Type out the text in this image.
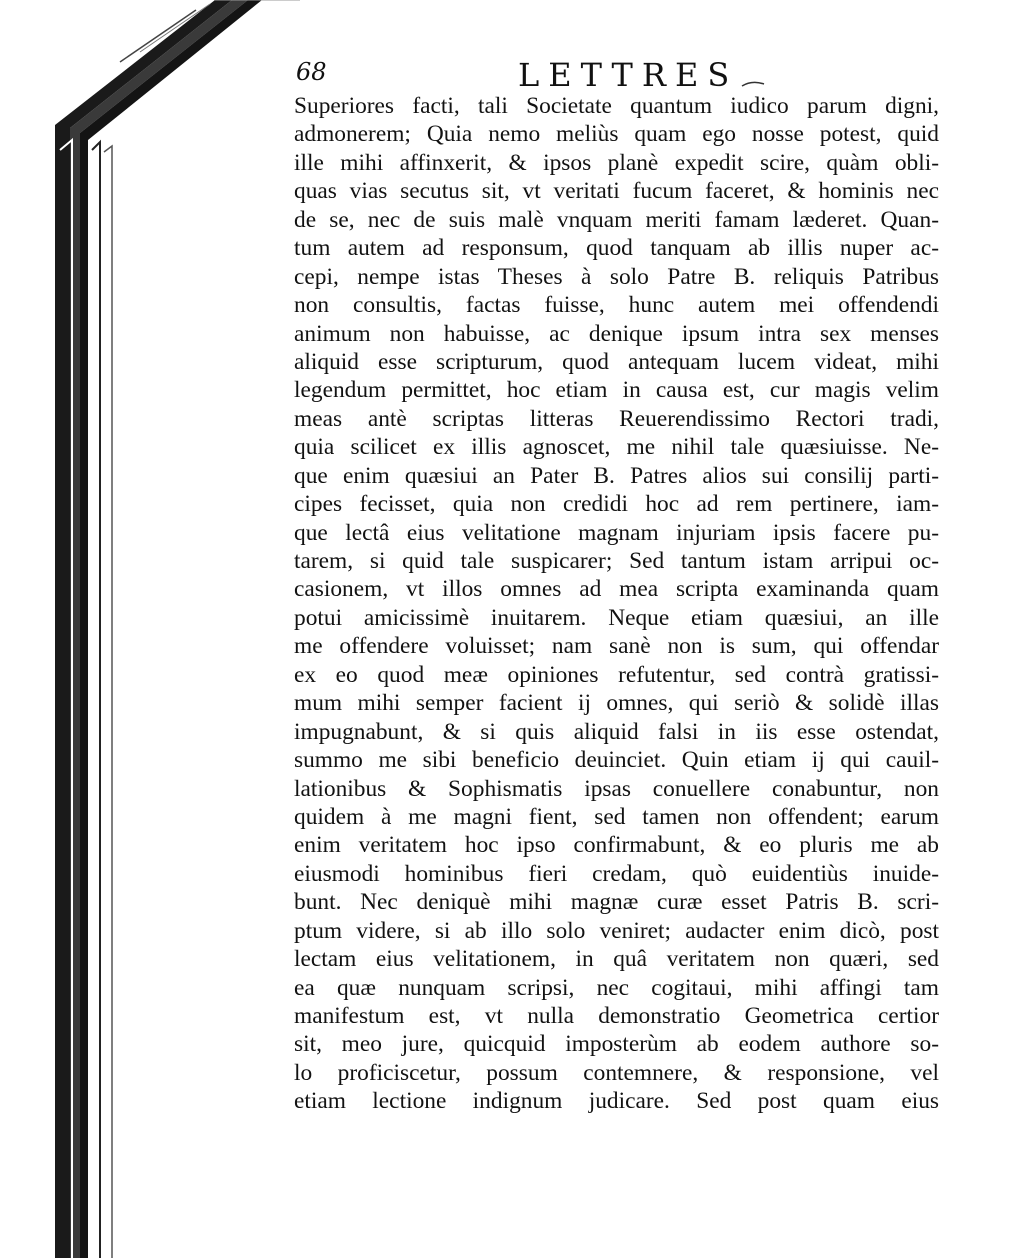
68	LETTRES
Superiores facti, tali Societate quantum iudico parum digni,
admonerem; Quia nemo meliùs quam ego nosse potest, quid
ille mihi affinxerit, & ipsos planè expedit scire, quàm obli-
quas vias secutus sit, vt veritati fucum faceret, & hominis nec
de se, nec de suis malè vnquam meriti famam læderet. Quan-
tum autem ad responsum, quod tanquam ab illis nuper ac-
cepi, nempe istas Theses à solo Patre B. reliquis Patribus
non consultis, factas fuisse, hunc autem mei offendendi
animum non habuisse, ac denique ipsum intra sex menses
aliquid esse scripturum, quod antequam lucem videat, mihi
legendum permittet, hoc etiam in causa est, cur magis velim
meas antè scriptas litteras Reuerendissimo Rectori tradi,
quia scilicet ex illis agnoscet, me nihil tale quæsiuisse. Ne-
que enim quæsiui an Pater B. Patres alios sui consilij parti-
cipes fecisset, quia non credidi hoc ad rem pertinere, iam-
que lectâ eius velitatione magnam injuriam ipsis facere pu-
tarem, si quid tale suspicarer; Sed tantum istam arripui oc-
casionem, vt illos omnes ad mea scripta examinanda quam
potui amicissimè inuitarem. Neque etiam quæsiui, an ille
me offendere voluisset; nam sanè non is sum, qui offendar
ex eo quod meæ opiniones refutentur, sed contrà gratissi-
mum mihi semper facient ij omnes, qui seriò & solidè illas
impugnabunt, & si quis aliquid falsi in iis esse ostendat,
summo me sibi beneficio deuinciet. Quin etiam ij qui cauil-
lationibus & Sophismatis ipsas conuellere conabuntur, non
quidem à me magni fient, sed tamen non offendent; earum
enim veritatem hoc ipso confirmabunt, & eo pluris me ab
eiusmodi hominibus fieri credam, quò euidentiùs inuide-
bunt. Nec deniquè mihi magnæ curæ esset Patris B. scri-
ptum videre, si ab illo solo veniret; audacter enim dicò, post
lectam eius velitationem, in quâ veritatem non quæri, sed
ea quæ nunquam scripsi, nec cogitaui, mihi affingi tam
manifestum est, vt nulla demonstratio Geometrica certior
sit, meo jure, quicquid imposterùm ab eodem authore so-
lo proficiscetur, possum contemnere, & responsione, vel
etiam lectione indignum judicare. Sed post quam eius
